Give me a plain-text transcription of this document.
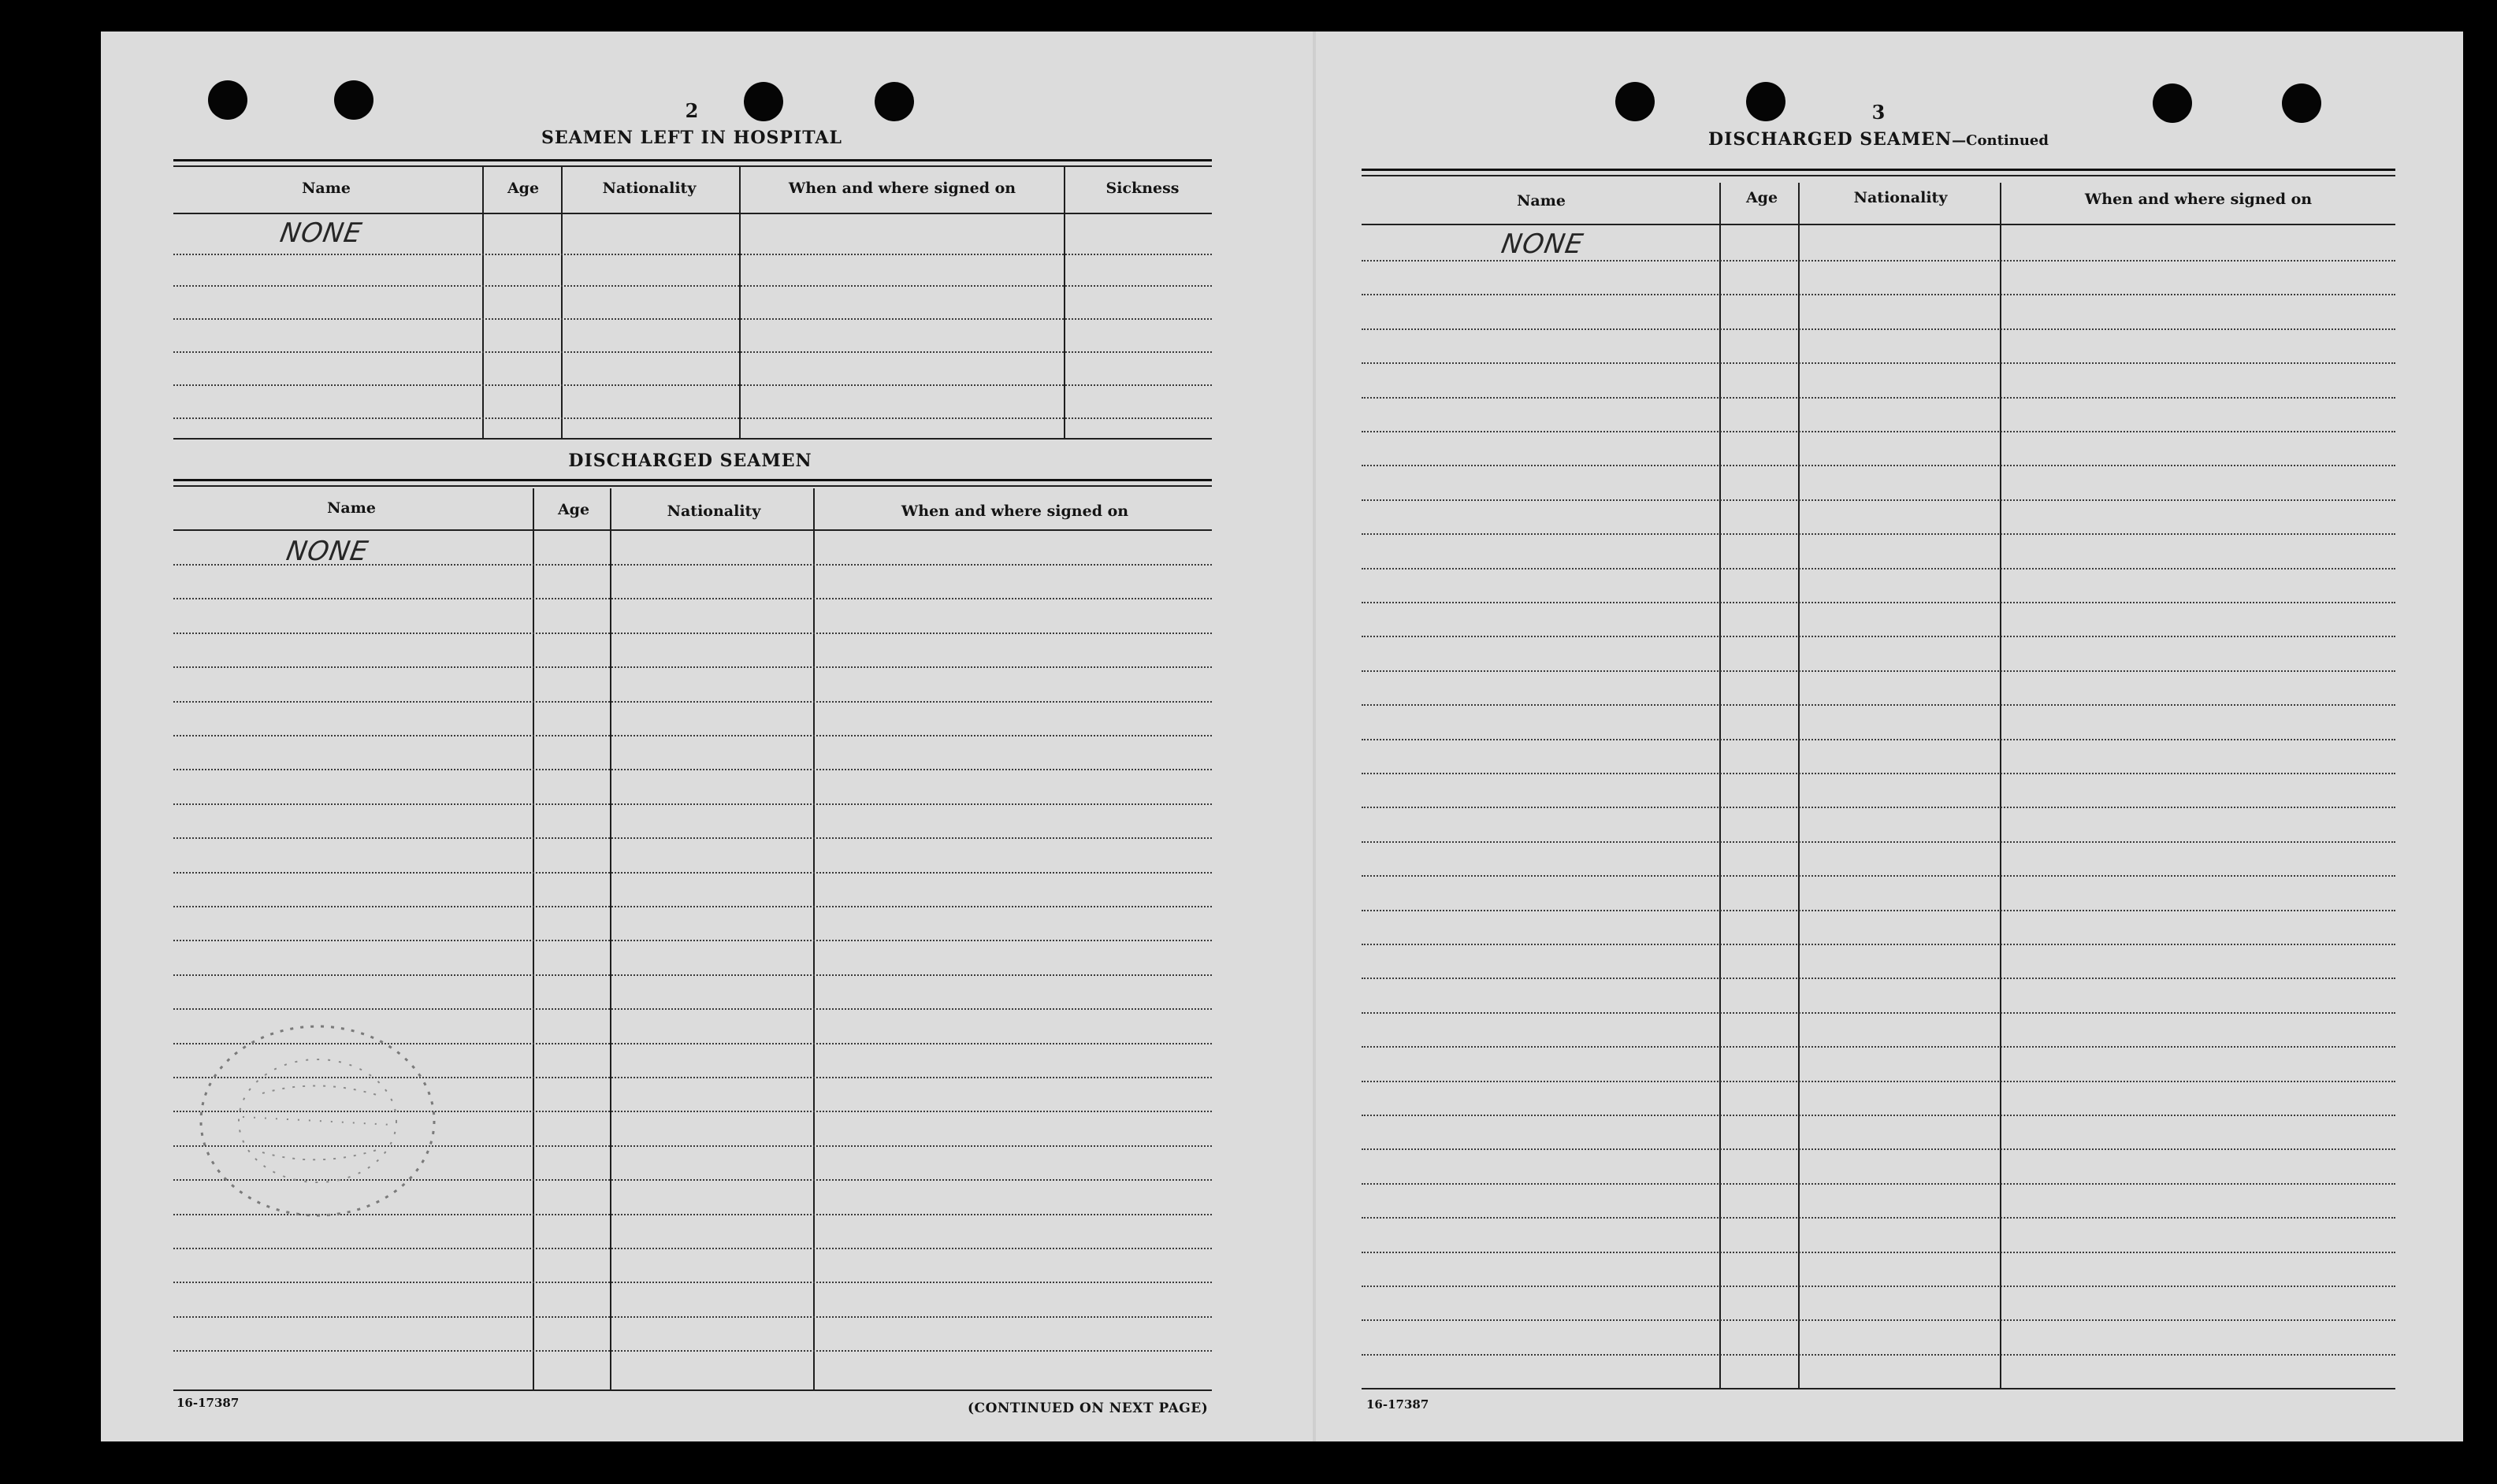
2
SEAMEN LEFT IN HOSPITAL
Name	Age	Nationality	When and where signed on	Sickness
NONE
DISCHARGED SEAMEN
Name	Age	Nationality	When and where signed on
NONE
16-17387	(CONTINUED ON NEXT PAGE)
3
DISCHARGED SEAMEN—Continued
Name	Age	Nationality	When and where signed on
NONE
16-17387
